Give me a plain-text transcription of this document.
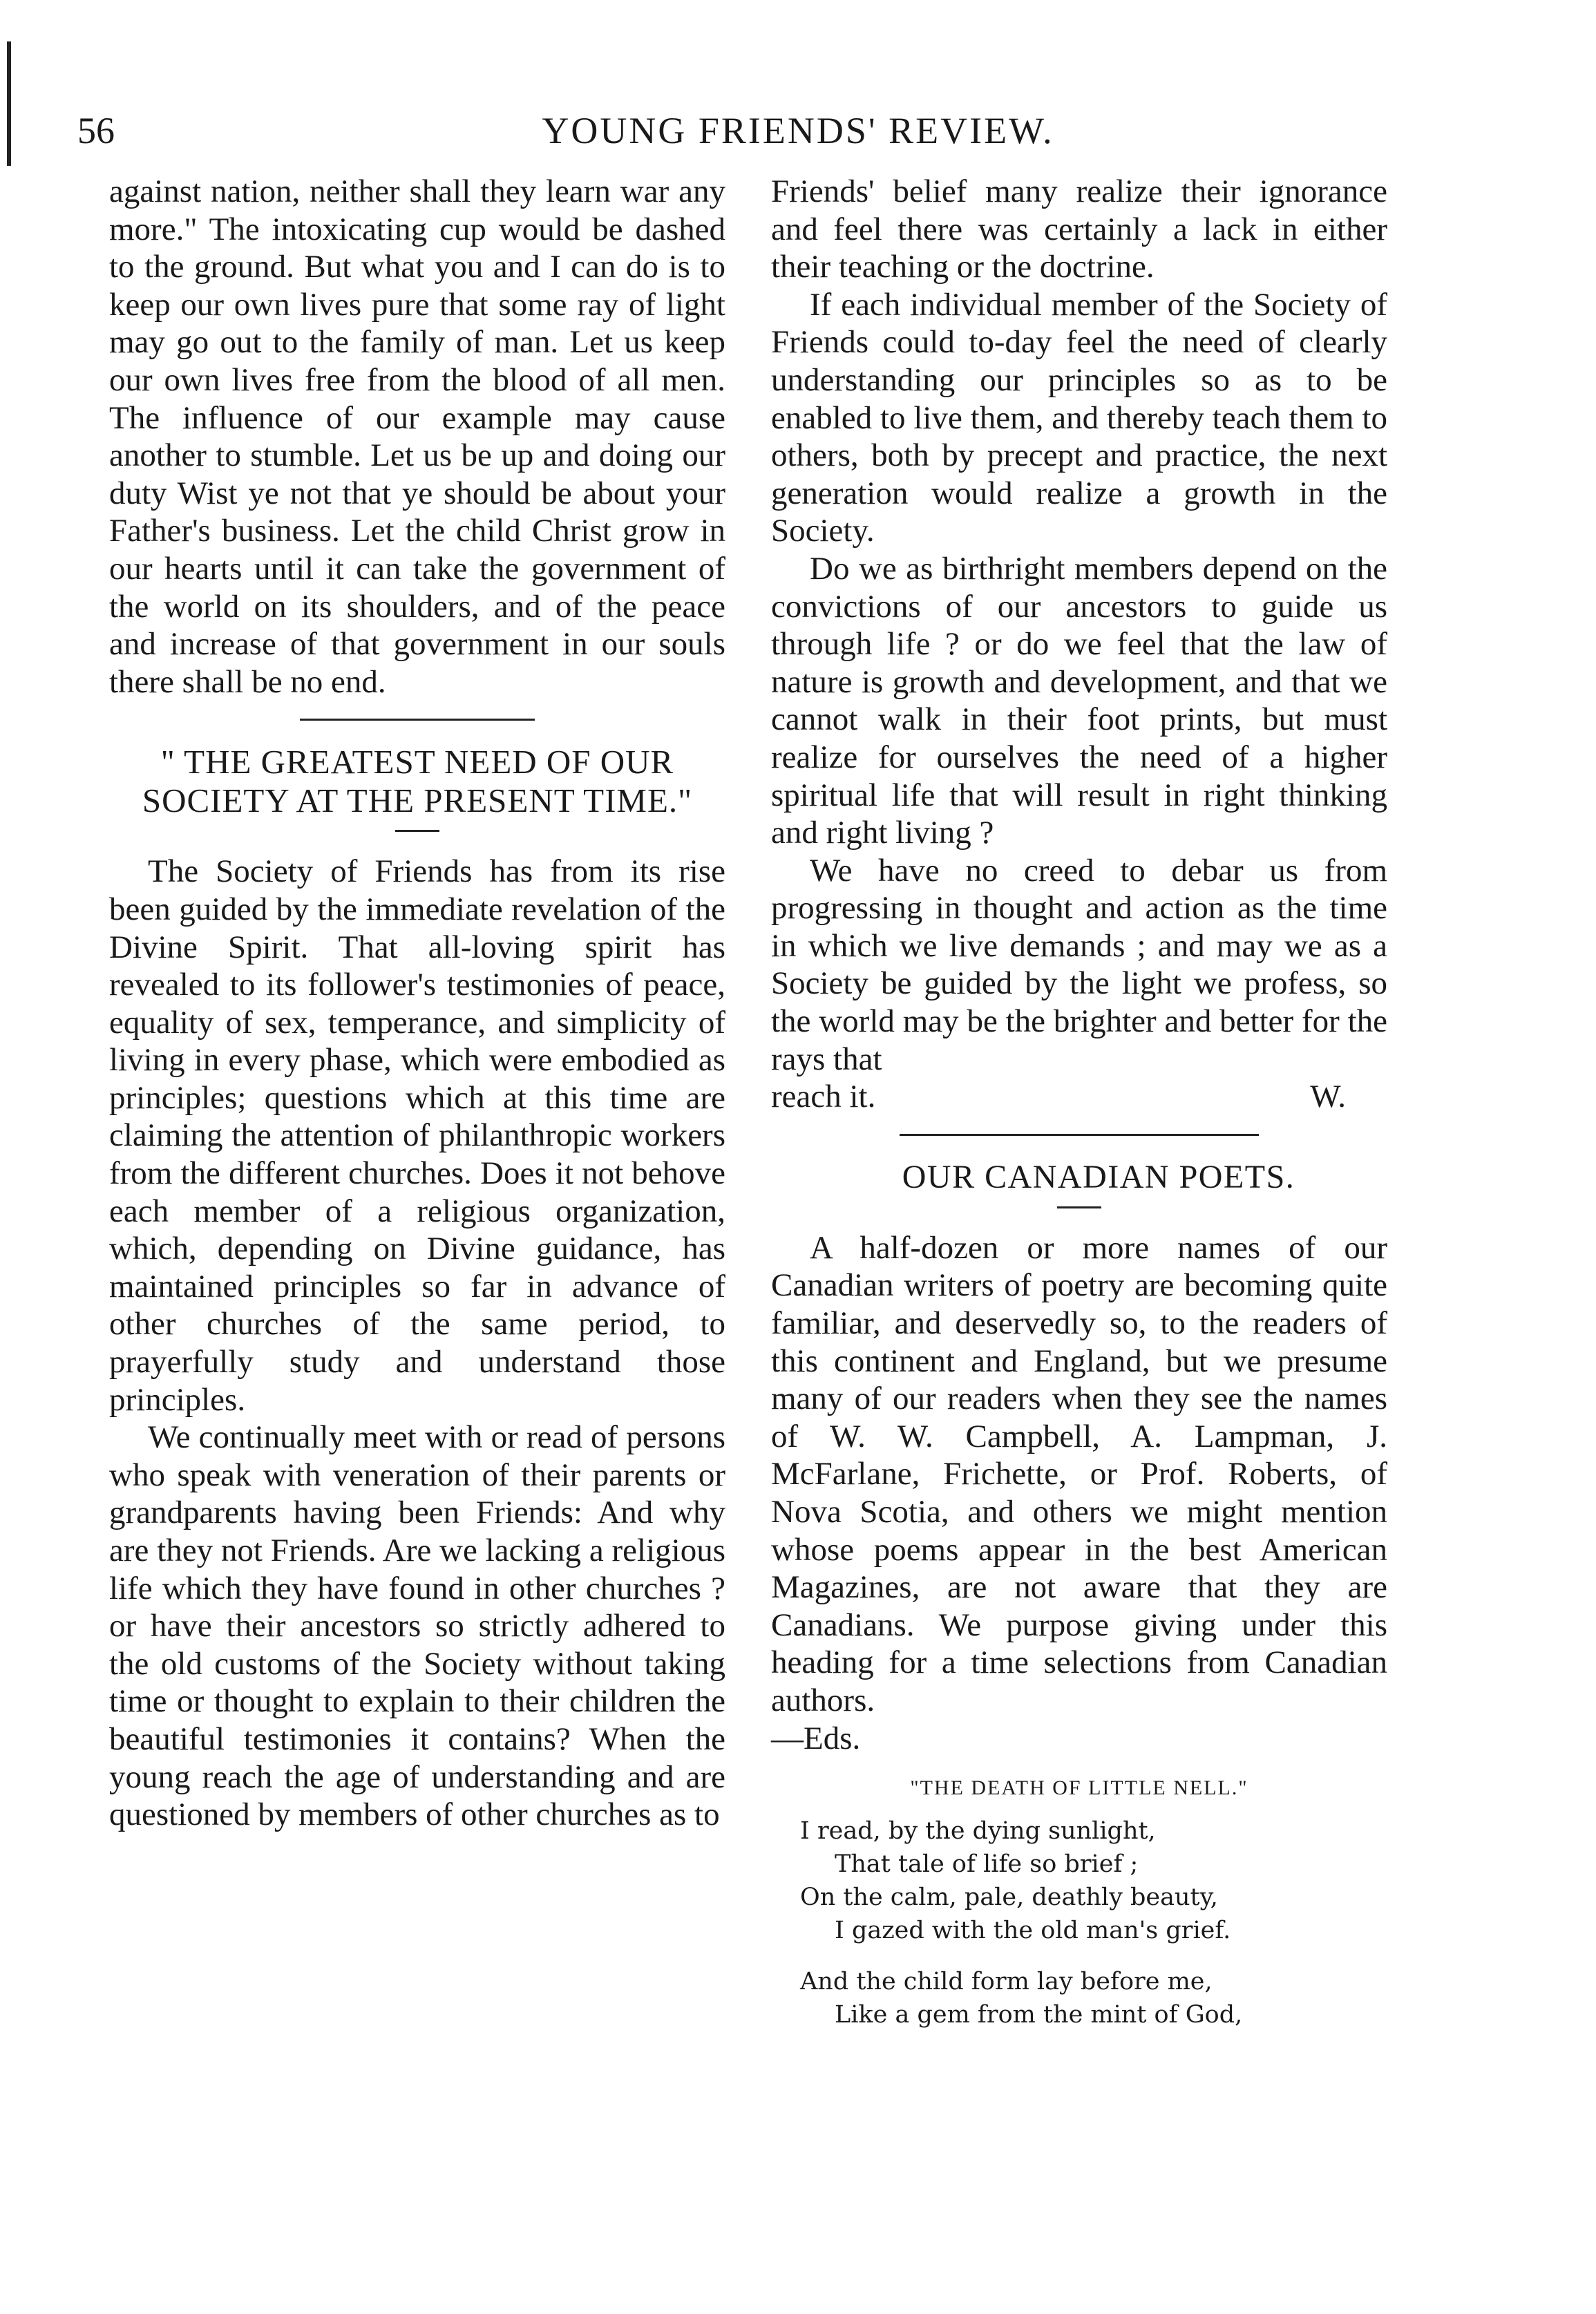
56	YOUNG FRIENDS' REVIEW.

against nation, neither shall they learn war any more." The intoxicating cup would be dashed to the ground. But what you and I can do is to keep our own lives pure that some ray of light may go out to the family of man. Let us keep our own lives free from the blood of all men. The influence of our example may cause another to stumble. Let us be up and doing our duty Wist ye not that ye should be about your Father's business. Let the child Christ grow in our hearts until it can take the government of the world on its shoulders, and of the peace and increase of that government in our souls there shall be no end.

" THE GREATEST NEED OF OUR SOCIETY AT THE PRESENT TIME."

The Society of Friends has from its rise been guided by the immediate revelation of the Divine Spirit. That all-loving spirit has revealed to its follower's testimonies of peace, equality of sex, temperance, and simplicity of living in every phase, which were embodied as principles; questions which at this time are claiming the attention of philanthropic workers from the different churches. Does it not behove each member of a religious organization, which, depending on Divine guidance, has maintained principles so far in advance of other churches of the same period, to prayerfully study and understand those principles.

We continually meet with or read of persons who speak with veneration of their parents or grandparents having been Friends: And why are they not Friends. Are we lacking a religious life which they have found in other churches ? or have their ancestors so strictly adhered to the old customs of the Society without taking time or thought to explain to their children the beautiful testimonies it contains? When the young reach the age of understanding and are questioned by members of other churches as to

Friends' belief many realize their ignorance and feel there was certainly a lack in either their teaching or the doctrine.

If each individual member of the Society of Friends could to-day feel the need of clearly understanding our principles so as to be enabled to live them, and thereby teach them to others, both by precept and practice, the next generation would realize a growth in the Society.

Do we as birthright members depend on the convictions of our ancestors to guide us through life ? or do we feel that the law of nature is growth and development, and that we cannot walk in their foot prints, but must realize for ourselves the need of a higher spiritual life that will result in right thinking and right living ?

We have no creed to debar us from progressing in thought and action as the time in which we live demands ; and may we as a Society be guided by the light we profess, so the world may be the brighter and better for the rays that

reach it.	W.

OUR CANADIAN POETS.

A half-dozen or more names of our Canadian writers of poetry are becoming quite familiar, and deservedly so, to the readers of this continent and England, but we presume many of our readers when they see the names of W. W. Campbell, A. Lampman, J. McFarlane, Frichette, or Prof. Roberts, of Nova Scotia, and others we might mention whose poems appear in the best American Magazines, are not aware that they are Canadians. We purpose giving under this heading for a time selections from Canadian authors.

—Eds.

"THE DEATH OF LITTLE NELL."

I read, by the dying sunlight,
That tale of life so brief ;
On the calm, pale, deathly beauty,
I gazed with the old man's grief.
And the child form lay before me,
Like a gem from the mint of God,
